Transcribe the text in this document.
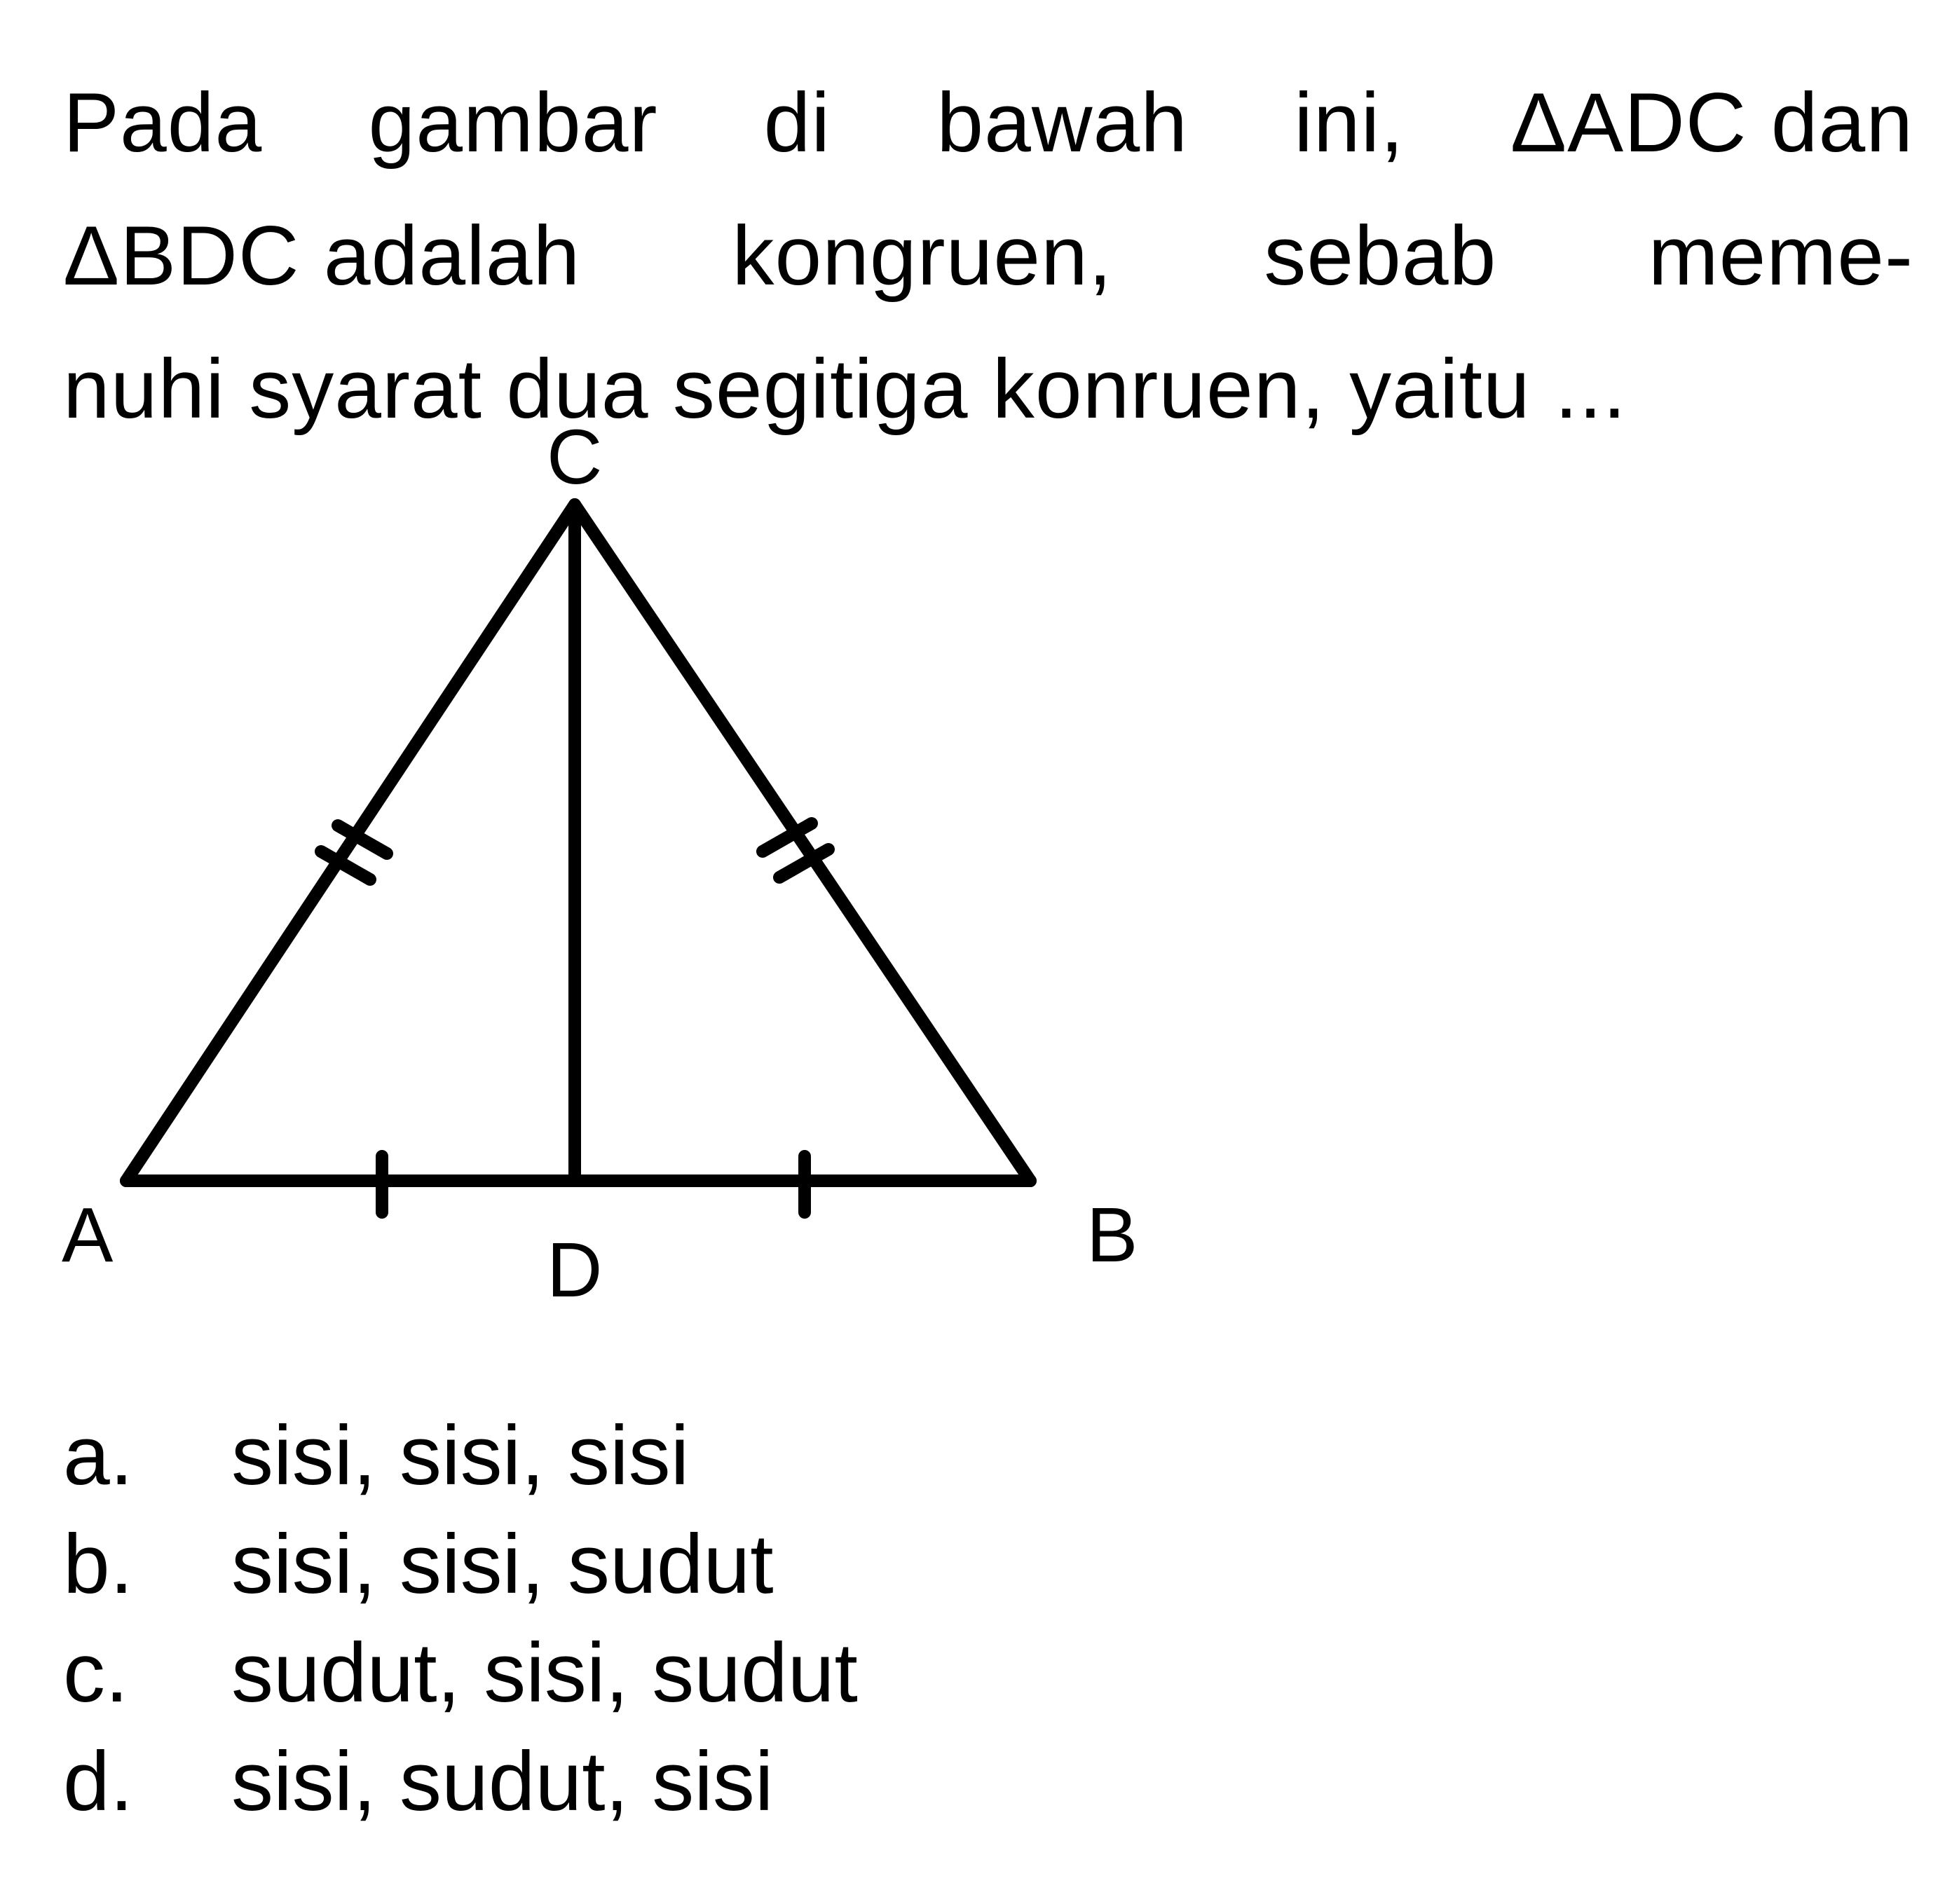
Pada gambar di bawah ini, ΔADC dan
ΔBDC adalah kongruen, sebab meme-
nuhi syarat dua segitiga konruen, yaitu ...
C
A	D	B
a.	sisi, sisi, sisi
b.	sisi, sisi, sudut
c.	sudut, sisi, sudut
d.	sisi, sudut, sisi
